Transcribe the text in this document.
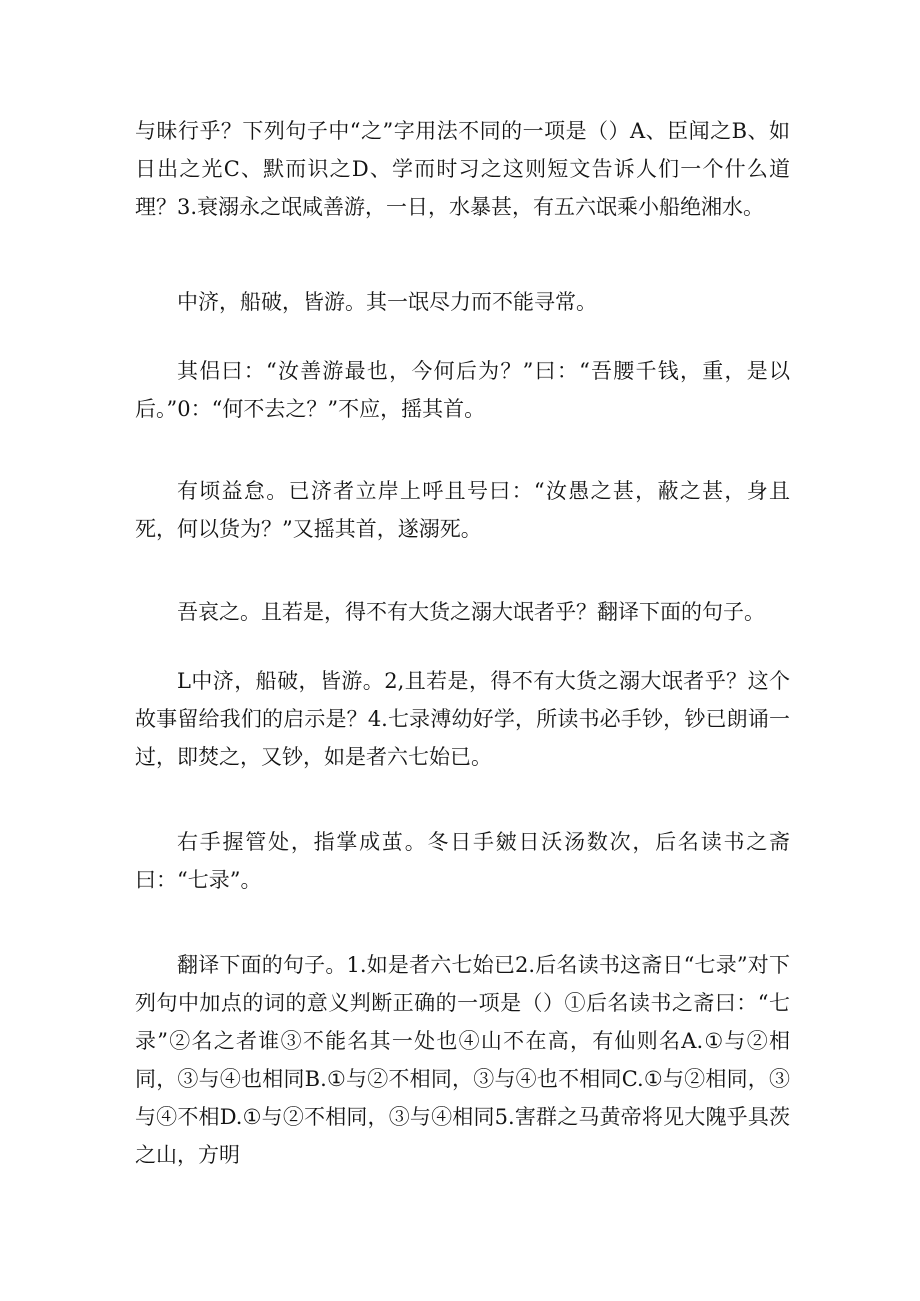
与昧行乎？下列句子中“之”字用法不同的一项是（）A、臣闻之B、如日出之光C、默而识之D、学而时习之这则短文告诉人们一个什么道理？3.衰溺永之氓咸善游，一日，水暴甚，有五六氓乘小船绝湘水。

中济，船破，皆游。其一氓尽力而不能寻常。

其侣曰：“汝善游最也，今何后为？”曰：“吾腰千钱，重，是以后。”0：“何不去之？”不应，摇其首。

有顷益怠。已济者立岸上呼且号曰：“汝愚之甚，蔽之甚，身且死，何以货为？”又摇其首，遂溺死。

吾哀之。且若是，得不有大货之溺大氓者乎？翻译下面的句子。

L中济，船破，皆游。2,且若是，得不有大货之溺大氓者乎？这个故事留给我们的启示是？4.七录溥幼好学，所读书必手钞，钞已朗诵一过，即焚之，又钞，如是者六七始已。

右手握管处，指掌成茧。冬日手皴日沃汤数次，后名读书之斋曰：“七录”。

翻译下面的句子。1.如是者六七始已2.后名读书这斋日“七录”对下列句中加点的词的意义判断正确的一项是（）①后名读书之斋曰：“七录”②名之者谁③不能名其一处也④山不在高，有仙则名A.①与②相同，③与④也相同B.①与②不相同，③与④也不相同C.①与②相同，③与④不相D.①与②不相同，③与④相同5.害群之马黄帝将见大隗乎具茨之山，方明
